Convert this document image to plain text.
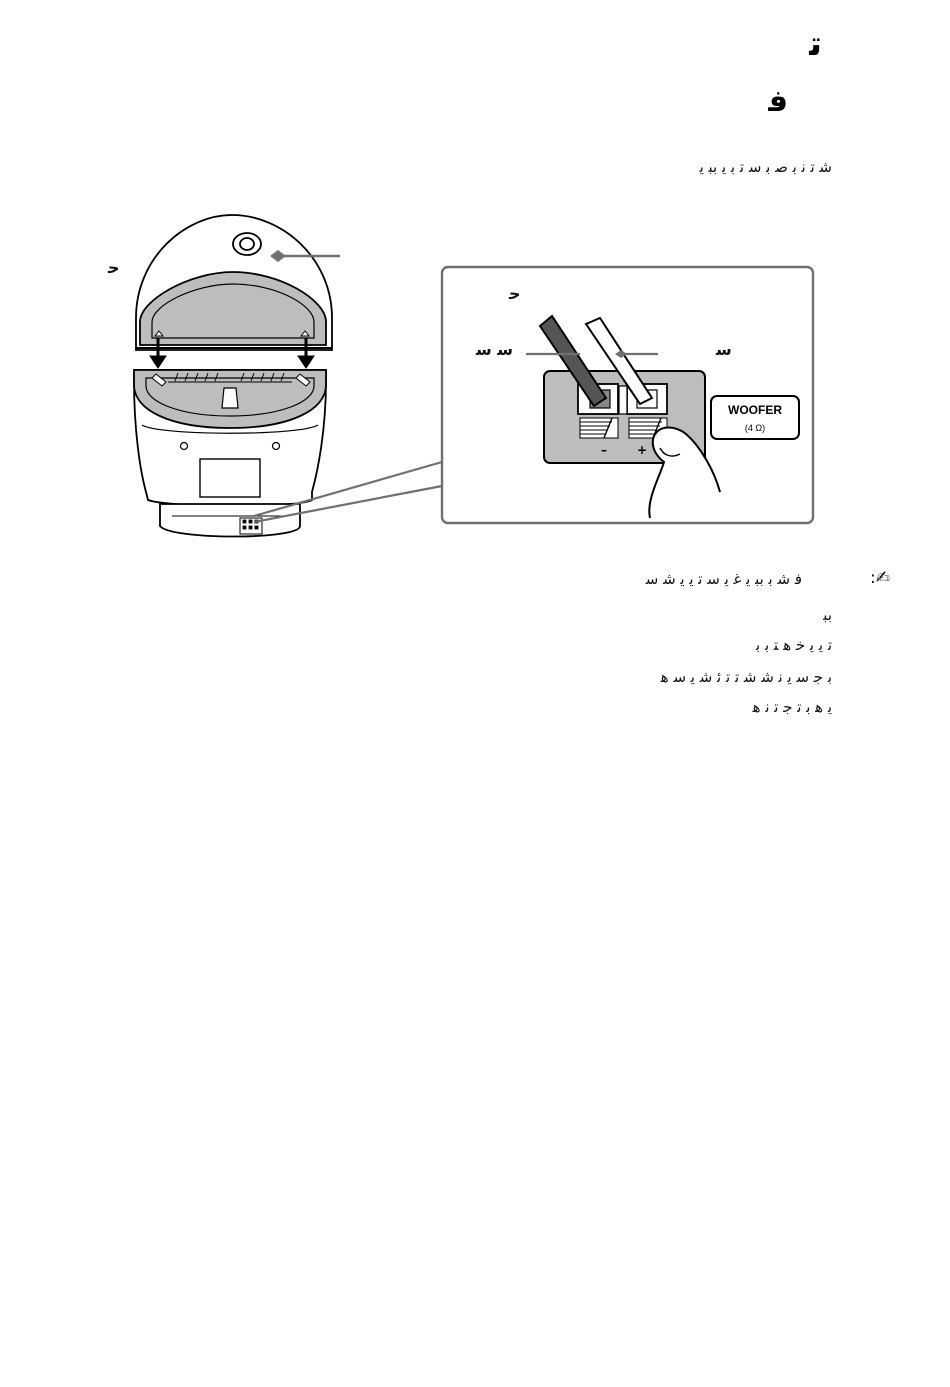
ﺗ
ﻓ
ﺷ ﺗ ﻧ ﺑ ﺻ ﺑ ﺳ ﺗ ﺑ ﻳ ﺑﺒ ﻳ
– +
WOOFER
(4 Ω)
ﺣ
ﺣ
ﺳ ﺳ	ﺳ
✍:
ﻓ ﺷ ﺑ ﺑﺒ ﻳ ﻏ ﻳ ﺳ ﺗ ﻳ ﻳ ﺷ ﺳ
ﺑﺒ
ﺗ ﻳ ﻳ ﺧ ﻫ ﺘ ﺑ ﺑ
ﺑ ﺟ ﺳ ﻳ ﻧ ﺷ ﺷ ﺗ ﺗ ﺋ ﺷ ﻳ ﺳ ﻫ
ﻳ ﻫ ﺑ ﺗ ﺟ ﺗ ﻧ ﻫ
